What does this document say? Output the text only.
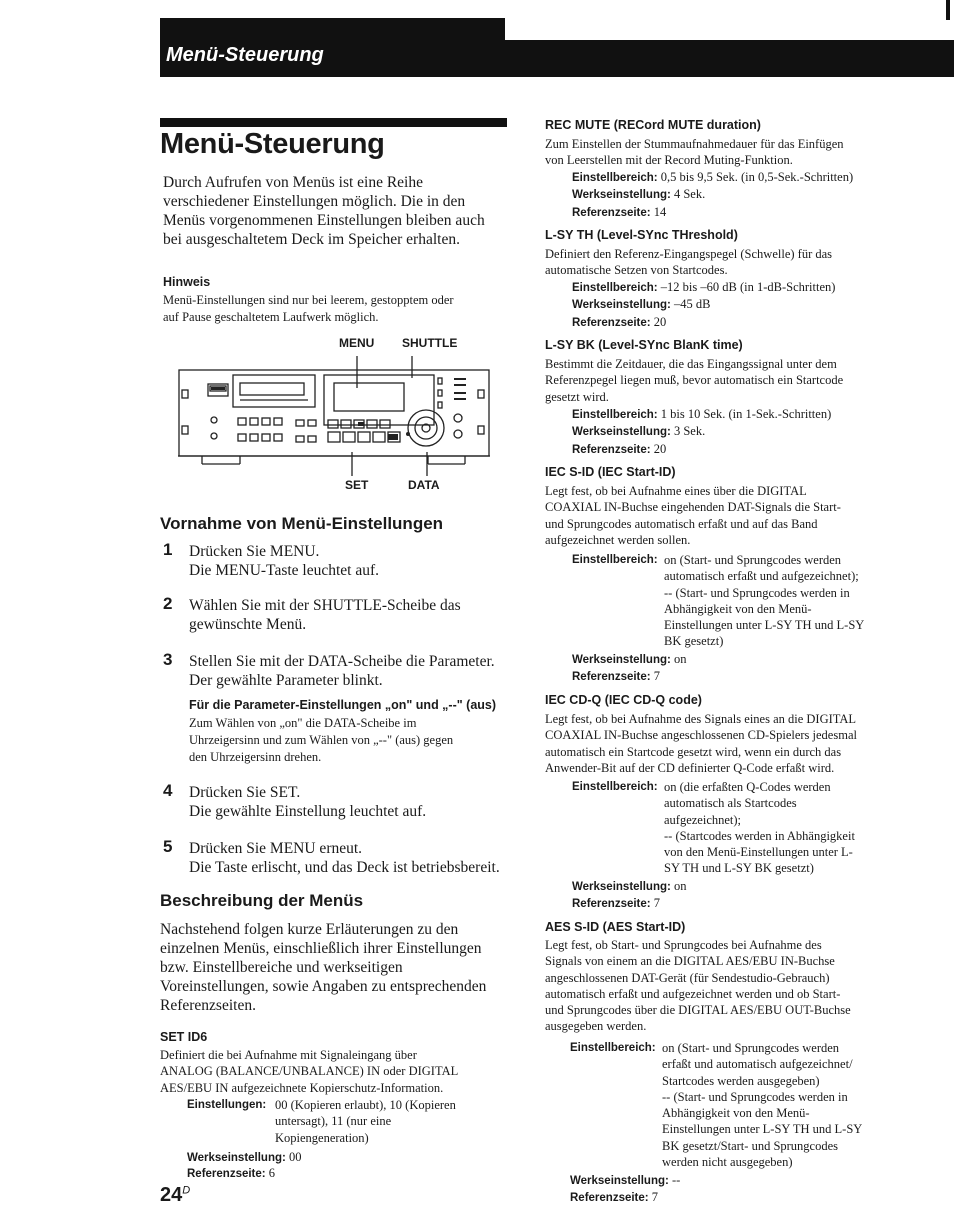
Menü-Steuerung
Menü-Steuerung
Durch Aufrufen von Menüs ist eine Reihe
verschiedener Einstellungen möglich. Die in den
Menüs vorgenommenen Einstellungen bleiben auch
bei ausgeschaltetem Deck im Speicher erhalten.
Hinweis
Menü-Einstellungen sind nur bei leerem, gestopptem oder
auf Pause geschaltetem Laufwerk möglich.
MENU SHUTTLE
SET	DATA
Vornahme von Menü-Einstellungen
1 Drücken Sie MENU.
Die MENU-Taste leuchtet auf.
2 Wählen Sie mit der SHUTTLE-Scheibe das
gewünschte Menü.
3 Stellen Sie mit der DATA-Scheibe die Parameter.
Der gewählte Parameter blinkt.
Für die Parameter-Einstellungen „on" und „--" (aus)
Zum Wählen von „on" die DATA-Scheibe im
Uhrzeigersinn und zum Wählen von „--" (aus) gegen
den Uhrzeigersinn drehen.
4 Drücken Sie SET.
Die gewählte Einstellung leuchtet auf.
5 Drücken Sie MENU erneut.
Die Taste erlischt, und das Deck ist betriebsbereit.
Beschreibung der Menüs
Nachstehend folgen kurze Erläuterungen zu den
einzelnen Menüs, einschließlich ihrer Einstellungen
bzw. Einstellbereiche und werkseitigen
Voreinstellungen, sowie Angaben zu entsprechenden
Referenzseiten.
SET ID6
Definiert die bei Aufnahme mit Signaleingang über
ANALOG (BALANCE/UNBALANCE) IN oder DIGITAL
AES/EBU IN aufgezeichnete Kopierschutz-Information.
Einstellungen: 00 (Kopieren erlaubt), 10 (Kopieren
untersagt), 11 (nur eine
Kopiengeneration)
Werkseinstellung: 00
Referenzseite: 6
$24^D$
REC MUTE (RECord MUTE duration)
Zum Einstellen der Stummaufnahmedauer für das Einfügen
von Leerstellen mit der Record Muting-Funktion.
Einstellbereich: 0,5 bis 9,5 Sek. (in 0,5-Sek.-Schritten)
Werkseinstellung: 4 Sek.
Referenzseite: 14
L-SY TH (Level-SYnc THreshold)
Definiert den Referenz-Eingangspegel (Schwelle) für das
automatische Setzen von Startcodes.
Einstellbereich: –12 bis –60 dB (in 1-dB-Schritten)
Werkseinstellung: –45 dB
Referenzseite: 20
L-SY BK (Level-SYnc BlanK time)
Bestimmt die Zeitdauer, die das Eingangssignal unter dem
Referenzpegel liegen muß, bevor automatisch ein Startcode
gesetzt wird.
Einstellbereich: 1 bis 10 Sek. (in 1-Sek.-Schritten)
Werkseinstellung: 3 Sek.
Referenzseite: 20
IEC S-ID (IEC Start-ID)
Legt fest, ob bei Aufnahme eines über die DIGITAL
COAXIAL IN-Buchse eingehenden DAT-Signals die Start-
und Sprungcodes automatisch erfaßt und auf das Band
aufgezeichnet werden sollen.
Einstellbereich: on (Start- und Sprungcodes werden
automatisch erfaßt und aufgezeichnet);
-- (Start- und Sprungcodes werden in
Abhängigkeit von den Menü-
Einstellungen unter L-SY TH und L-SY
BK gesetzt)
Werkseinstellung: on
Referenzseite: 7
IEC CD-Q (IEC CD-Q code)
Legt fest, ob bei Aufnahme des Signals eines an die DIGITAL
COAXIAL IN-Buchse angeschlossenen CD-Spielers jedesmal
automatisch ein Startcode gesetzt wird, wenn ein durch das
Anwender-Bit auf der CD definierter Q-Code erfaßt wird.
Einstellbereich: on (die erfaßten Q-Codes werden
automatisch als Startcodes
aufgezeichnet);
-- (Startcodes werden in Abhängigkeit
von den Menü-Einstellungen unter L-
SY TH und L-SY BK gesetzt)
Werkseinstellung: on
Referenzseite: 7
AES S-ID (AES Start-ID)
Legt fest, ob Start- und Sprungcodes bei Aufnahme des
Signals von einem an die DIGITAL AES/EBU IN-Buchse
angeschlossenen DAT-Gerät (für Sendestudio-Gebrauch)
automatisch erfaßt und aufgezeichnet werden und ob Start-
und Sprungcodes über die DIGITAL AES/EBU OUT-Buchse
ausgegeben werden.
Einstellbereich: on (Start- und Sprungcodes werden
erfaßt und automatisch aufgezeichnet/
Startcodes werden ausgegeben)
-- (Start- und Sprungcodes werden in
Abhängigkeit von den Menü-
Einstellungen unter L-SY TH und L-SY
BK gesetzt/Start- und Sprungcodes
werden nicht ausgegeben)
Werkseinstellung: --
Referenzseite: 7
